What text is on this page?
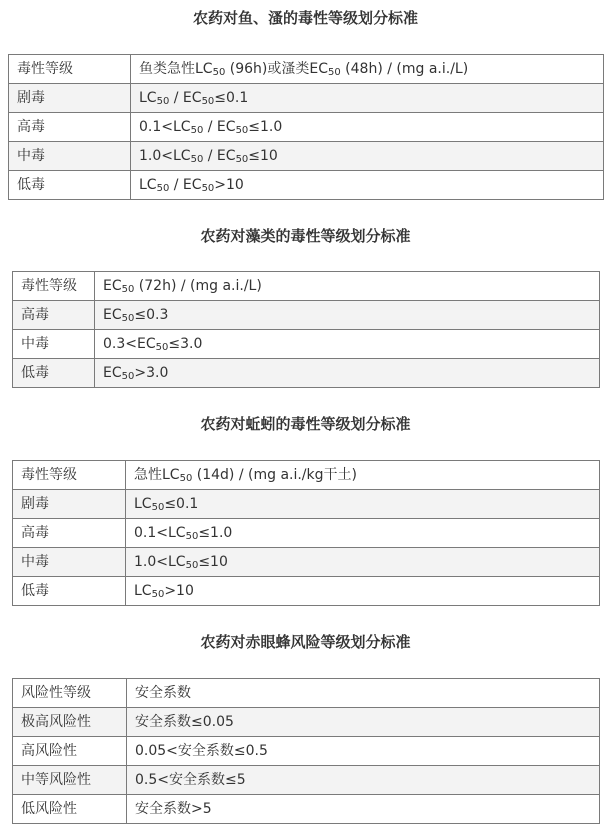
农药对鱼、溞的毒性等级划分标准
毒性等级	鱼类急性$LC_{50}$ (96h)或溞类$EC_{50}$ (48h) / (mg a.i./L)
剧毒	$LC_{50} / EC_{50}\le 0.1$
高毒	$0.1<LC_{50} / EC_{50}\le 1.0$
中毒	$1.0<LC_{50} / EC_{50}\le 10$
低毒	$LC_{50} / EC_{50}>10$
农药对藻类的毒性等级划分标准
毒性等级	$EC_{50}$ (72h) / (mg a.i./L)
高毒	$EC_{50}\le 0.3$
中毒	$0.3<EC_{50}\le 3.0$
低毒	$EC_{50}>3.0$
农药对蚯蚓的毒性等级划分标准
毒性等级	急性$LC_{50}$ (14d) / (mg a.i./kg干土)
剧毒	$LC_{50}\le 0.1$
高毒	$0.1<LC_{50}\le 1.0$
中毒	$1.0<LC_{50}\le 10$
低毒	$LC_{50}>10$
农药对赤眼蜂风险等级划分标准
风险性等级	安全系数
极高风险性	安全系数≤0.05
高风险性	0.05<安全系数≤0.5
中等风险性	0.5<安全系数≤5
低风险性	安全系数>5
